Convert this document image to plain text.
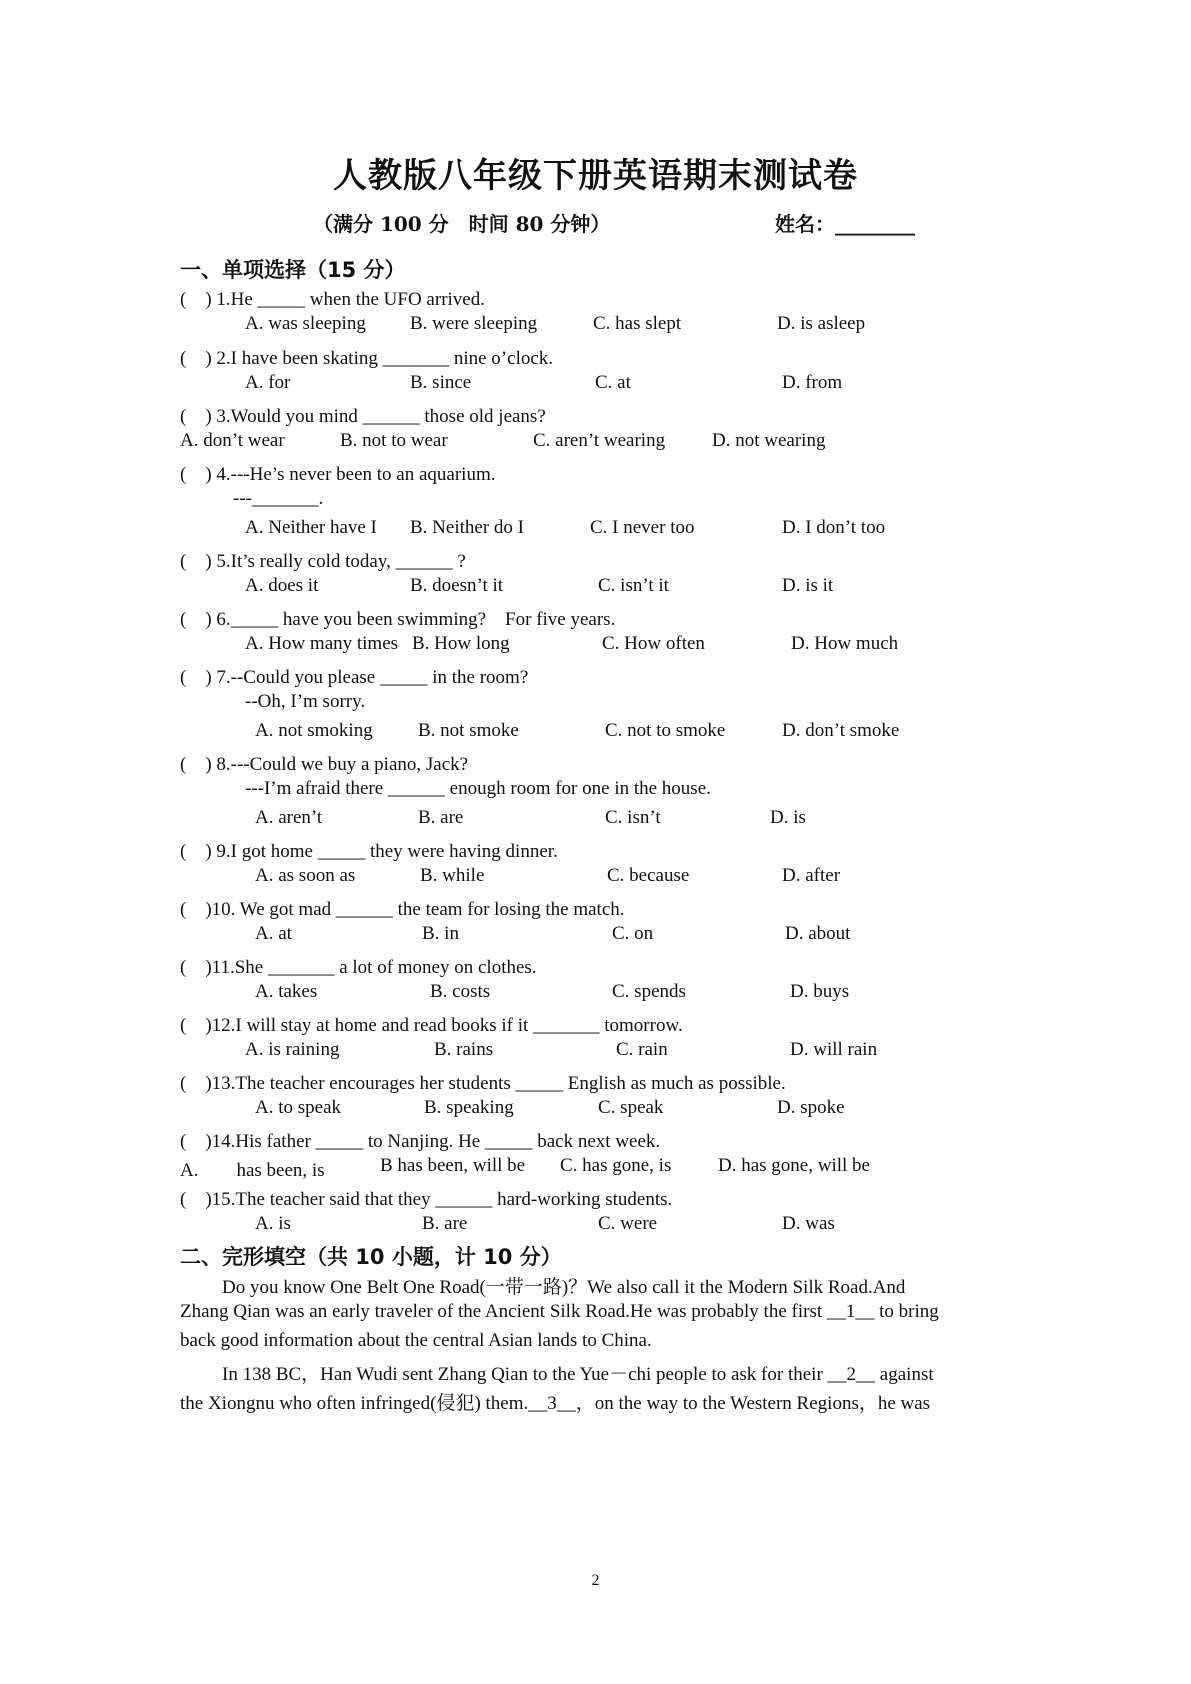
人教版八年级下册英语期末测试卷
（满分 100 分　时间 80 分钟）	姓名：________
一、单项选择（15 分）
(　) 1.He _____ when the UFO arrived.
A. was sleeping B. were sleeping	C. has slept	D. is asleep
(　) 2.I have been skating _______ nine o’clock.
A. for	B. since	C. at	D. from
(　) 3.Would you mind ______ those old jeans?
A. don’t wear	B. not to wear	C. aren’t wearing D. not wearing
(　) 4.---He’s never been to an aquarium.
---_______.
A. Neither have I B. Neither do I	C. I never too	D. I don’t too
(　) 5.It’s really cold today, ______ ?
A. does it	B. doesn’t it	C. isn’t it	D. is it
(　) 6._____ have you been swimming?　For five years.
A. How many times B. How long	C. How often	D. How much
(　) 7.--Could you please _____ in the room?
--Oh, I’m sorry.
A. not smoking B. not smoke	C. not to smoke	D. don’t smoke
(　) 8.---Could we buy a piano, Jack?
---I’m afraid there ______ enough room for one in the house.
A. aren’t	B. are	C. isn’t	D. is
(　) 9.I got home _____ they were having dinner.
A. as soon as	B. while	C. because	D. after
(　)10. We got mad ______ the team for losing the match.
A. at	B. in	C. on	D. about
(　)11.She _______ a lot of money on clothes.
A. takes	B. costs	C. spends	D. buys
(　)12.I will stay at home and read books if it _______ tomorrow.
A. is raining	B. rains	C. rain	D. will rain
(　)13.The teacher encourages her students _____ English as much as possible.
A. to speak	B. speaking	C. speak	D. spoke
(　)14.His father _____ to Nanjing. He _____ back next week.
A.　　has been, is	B has been, will be C. has gone, is D. has gone, will be
(　)15.The teacher said that they ______ hard-working students.
A. is	B. are	C. were	D. was
二、完形填空（共 10 小题，计 10 分）
Do you know One Belt One Road(一带一路)？We also call it the Modern Silk Road.And
Zhang Qian was an early traveler of the Ancient Silk Road.He was probably the first __1__ to bring
back good information about the central Asian lands to China.
In 138 BC，Han Wudi sent Zhang Qian to the Yue－chi people to ask for their __2__ against
the Xiongnu who often infringed(侵犯) them.__3__，on the way to the Western Regions，he was
2
